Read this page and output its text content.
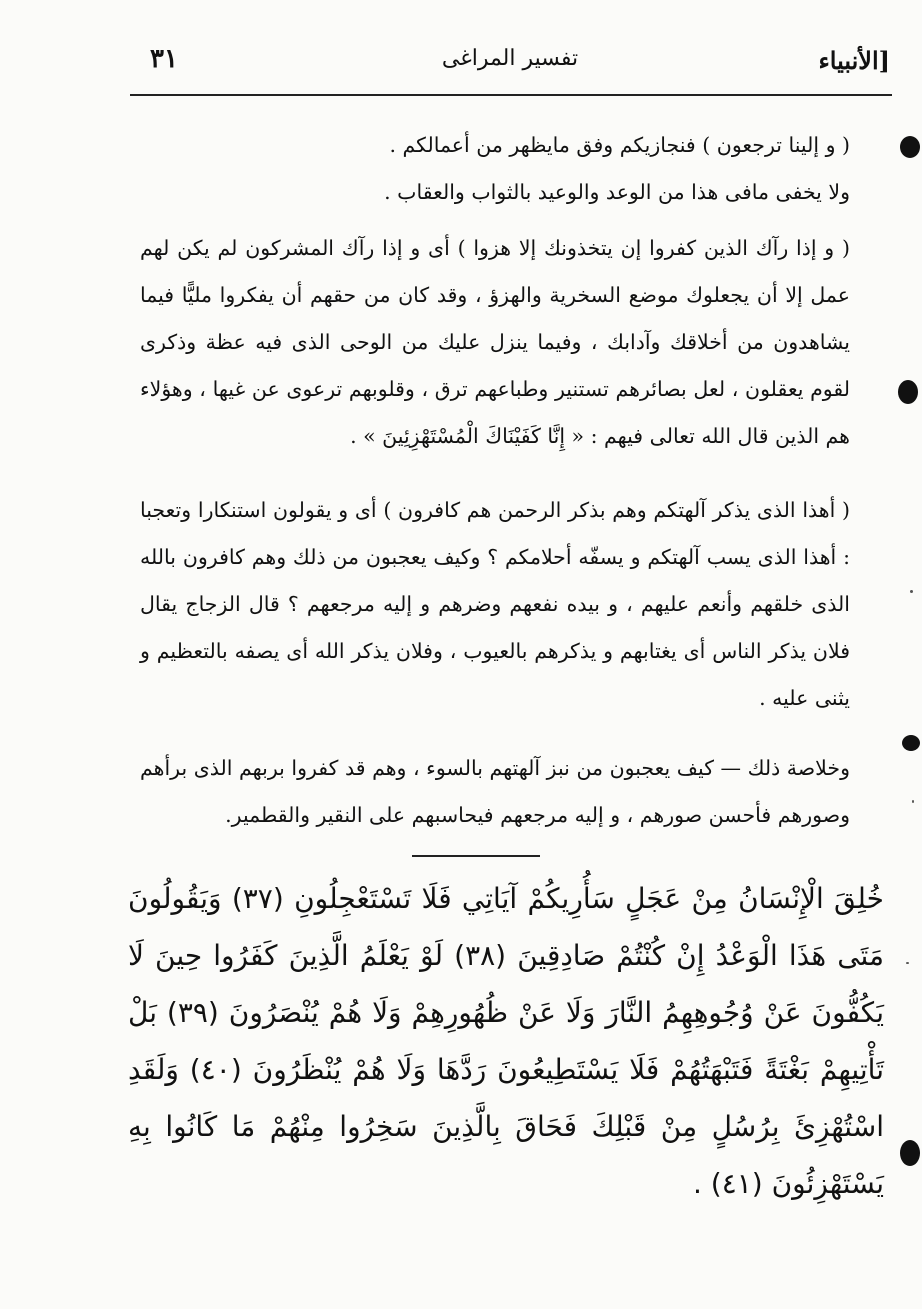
[الأنبياء
تفسير المراغى
٣١

( و إلينا ترجعون ) فنجازيكم وفق مايظهر من أعمالكم .

ولا يخفى مافى هذا من الوعد والوعيد بالثواب والعقاب .

( و إذا رآك الذين كفروا إن يتخذونك إلا هزوا ) أى و إذا رآك المشركون لم يكن لهم عمل إلا أن يجعلوك موضع السخرية والهزؤ ، وقد كان من حقهم أن يفكروا مليًّا فيما يشاهدون من أخلاقك وآدابك ، وفيما ينزل عليك من الوحى الذى فيه عظة وذكرى لقوم يعقلون ، لعل بصائرهم تستنير وطباعهم ترق ، وقلوبهم ترعوى عن غيها ، وهؤلاء هم الذين قال الله تعالى فيهم : « إِنَّا كَفَيْنَاكَ الْمُسْتَهْزِئِينَ » .

( أهذا الذى يذكر آلهتكم وهم بذكر الرحمن هم كافرون ) أى و يقولون استنكارا وتعجبا : أهذا الذى يسب آلهتكم و يسفّه أحلامكم ؟ وكيف يعجبون من ذلك وهم كافرون بالله الذى خلقهم وأنعم عليهم ، و بيده نفعهم وضرهم و إليه مرجعهم ؟ قال الزجاج يقال فلان يذكر الناس أى يغتابهم و يذكرهم بالعيوب ، وفلان يذكر الله أى يصفه بالتعظيم و يثنى عليه .

وخلاصة ذلك — كيف يعجبون من نبز آلهتهم بالسوء ، وهم قد كفروا بربهم الذى برأهم وصورهم فأحسن صورهم ، و إليه مرجعهم فيحاسبهم على النقير والقطمير.

خُلِقَ الْإِنْسَانُ مِنْ عَجَلٍ سَأُرِيكُمْ آيَاتِي فَلَا تَسْتَعْجِلُونِ (٣٧) وَيَقُولُونَ مَتَى هَذَا الْوَعْدُ إِنْ كُنْتُمْ صَادِقِينَ (٣٨) لَوْ يَعْلَمُ الَّذِينَ كَفَرُوا حِينَ لَا يَكُفُّونَ عَنْ وُجُوهِهِمُ النَّارَ وَلَا عَنْ ظُهُورِهِمْ وَلَا هُمْ يُنْصَرُونَ (٣٩) بَلْ تَأْتِيهِمْ بَغْتَةً فَتَبْهَتُهُمْ فَلَا يَسْتَطِيعُونَ رَدَّهَا وَلَا هُمْ يُنْظَرُونَ (٤٠) وَلَقَدِ اسْتُهْزِئَ بِرُسُلٍ مِنْ قَبْلِكَ فَحَاقَ بِالَّذِينَ سَخِرُوا مِنْهُمْ مَا كَانُوا بِهِ يَسْتَهْزِئُونَ (٤١) .
